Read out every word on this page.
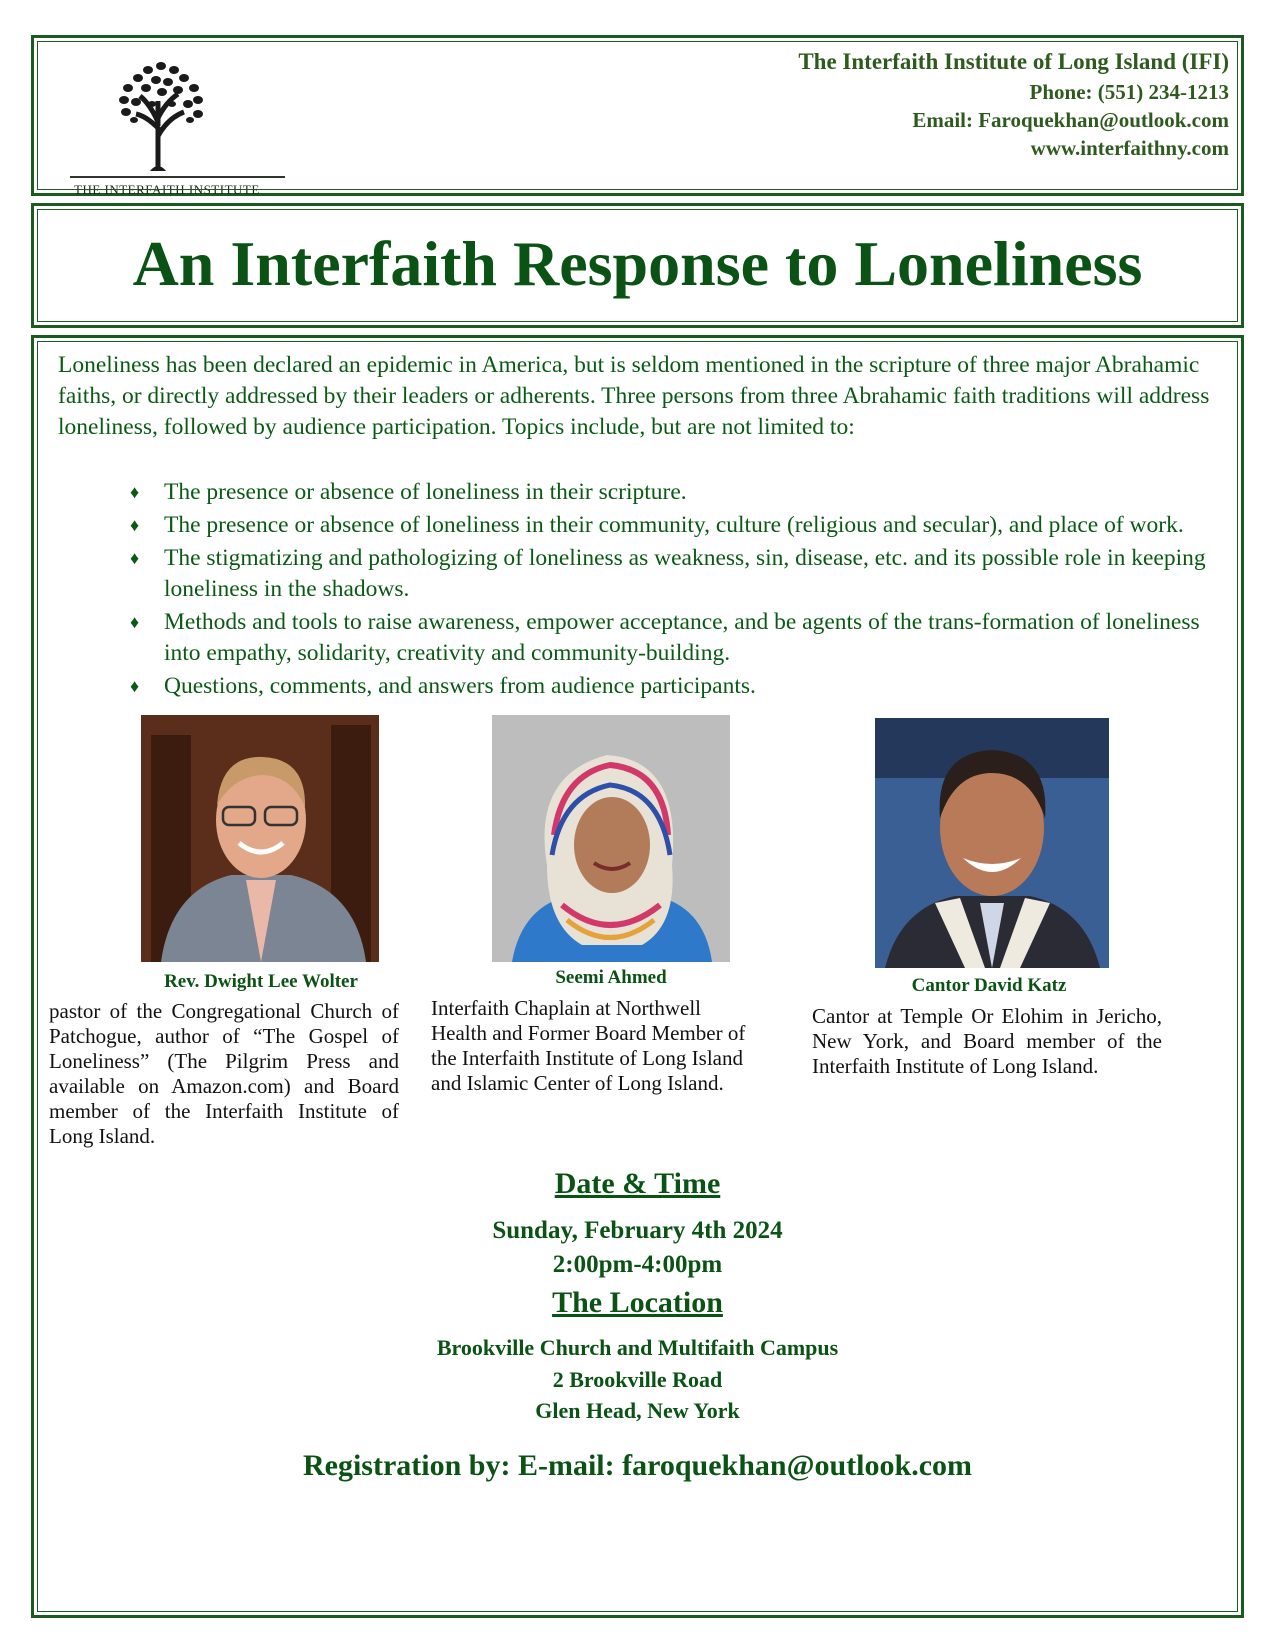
THE INTERFAITH INSTITUTE
The Interfaith Institute of Long Island (IFI)
Phone: (551) 234-1213
Email: Faroquekhan@outlook.com
www.interfaithny.com
An Interfaith Response to Loneliness
Loneliness has been declared an epidemic in America, but is seldom mentioned in the scripture of three major Abrahamic faiths, or directly addressed by their leaders or adherents. Three persons from three Abrahamic faith traditions will address loneliness, followed by audience participation. Topics include, but are not limited to:
♦ The presence or absence of loneliness in their scripture.
♦ The presence or absence of loneliness in their community, culture (religious and secular), and place of work.
♦ The stigmatizing and pathologizing of loneliness as weakness, sin, disease, etc. and its possible role in keeping loneliness in the shadows.
♦ Methods and tools to raise awareness, empower acceptance, and be agents of the trans-formation of loneliness into empathy, solidarity, creativity and community-building.
♦ Questions, comments, and answers from audience participants.
Rev. Dwight Lee Wolter
pastor of the Congregational Church of Patchogue, author of “The Gospel of Loneliness” (The Pilgrim Press and available on Amazon.com) and Board member of the Interfaith Institute of Long Island.
Seemi Ahmed
Interfaith Chaplain at Northwell Health and Former Board Member of the Interfaith Institute of Long Island and Islamic Center of Long Island.
Cantor David Katz
Cantor at Temple Or Elohim in Jericho, New York, and Board member of the Interfaith Institute of Long Island.
Date & Time
Sunday, February 4th 2024
2:00pm-4:00pm
The Location
Brookville Church and Multifaith Campus
2 Brookville Road
Glen Head, New York
Registration by: E-mail: faroquekhan@outlook.com
